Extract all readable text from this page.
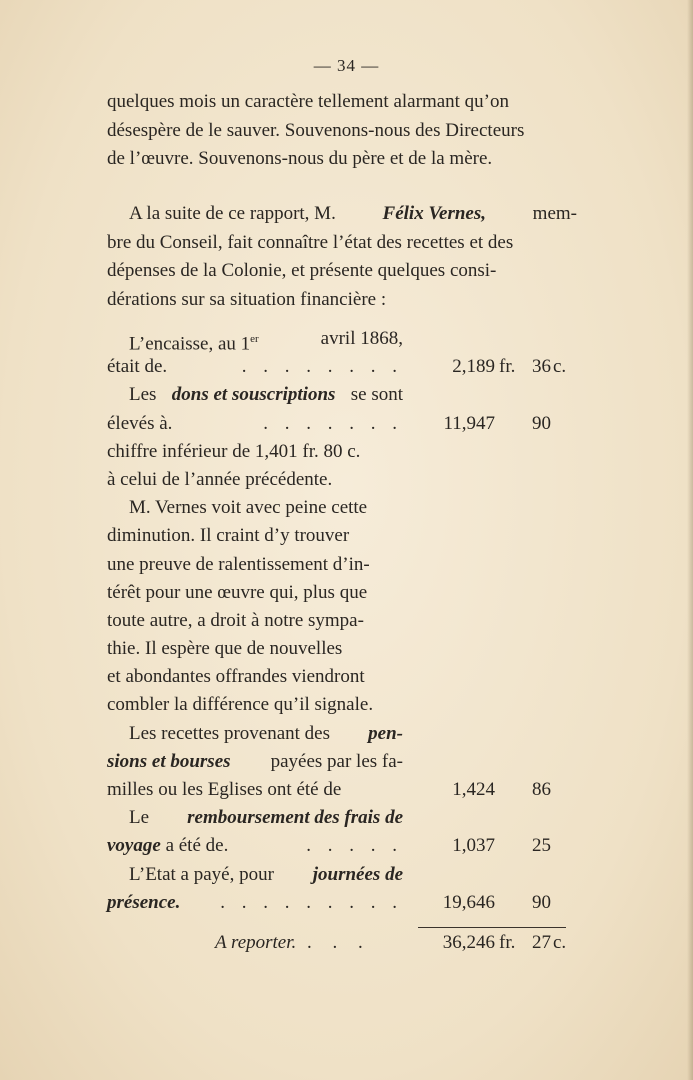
— 34 —
quelques mois un caractère tellement alarmant qu’on
désespère de le sauver. Souvenons-nous des Directeurs
de l’œuvre. Souvenons-nous du père et de la mère.
A la suite de ce rapport, M. Félix Vernes, mem-
bre du Conseil, fait connaître l’état des recettes et des
dépenses de la Colonie, et présente quelques consi-
dérations sur sa situation financière :
L’encaisse, au 1er	avril 1868,
était de.	. . . . . . . .	2,189 fr. 36 c.
Les dons et souscriptions se sont
élevés à.	. . . . . . .	11,947	90
chiffre inférieur de 1,401 fr. 80 c.
à celui de l’année précédente.
M. Vernes voit avec peine cette
diminution. Il craint d’y trouver
une preuve de ralentissement d’in-
térêt pour une œuvre qui, plus que
toute autre, a droit à notre sympa-
thie. Il espère que de nouvelles
et abondantes offrandes viendront
combler la différence qu’il signale.
Les recettes provenant des pen-
sions et bourses payées par les fa-
milles ou les Eglises ont été de	1,424	86
Le remboursement des frais de
voyage a été de.	. . . . .	1,037	25
L’Etat a payé, pour journées de
présence. . . . . . . . . .	19,646	90
A reporter. . . .	36,246 fr. 27 c.
